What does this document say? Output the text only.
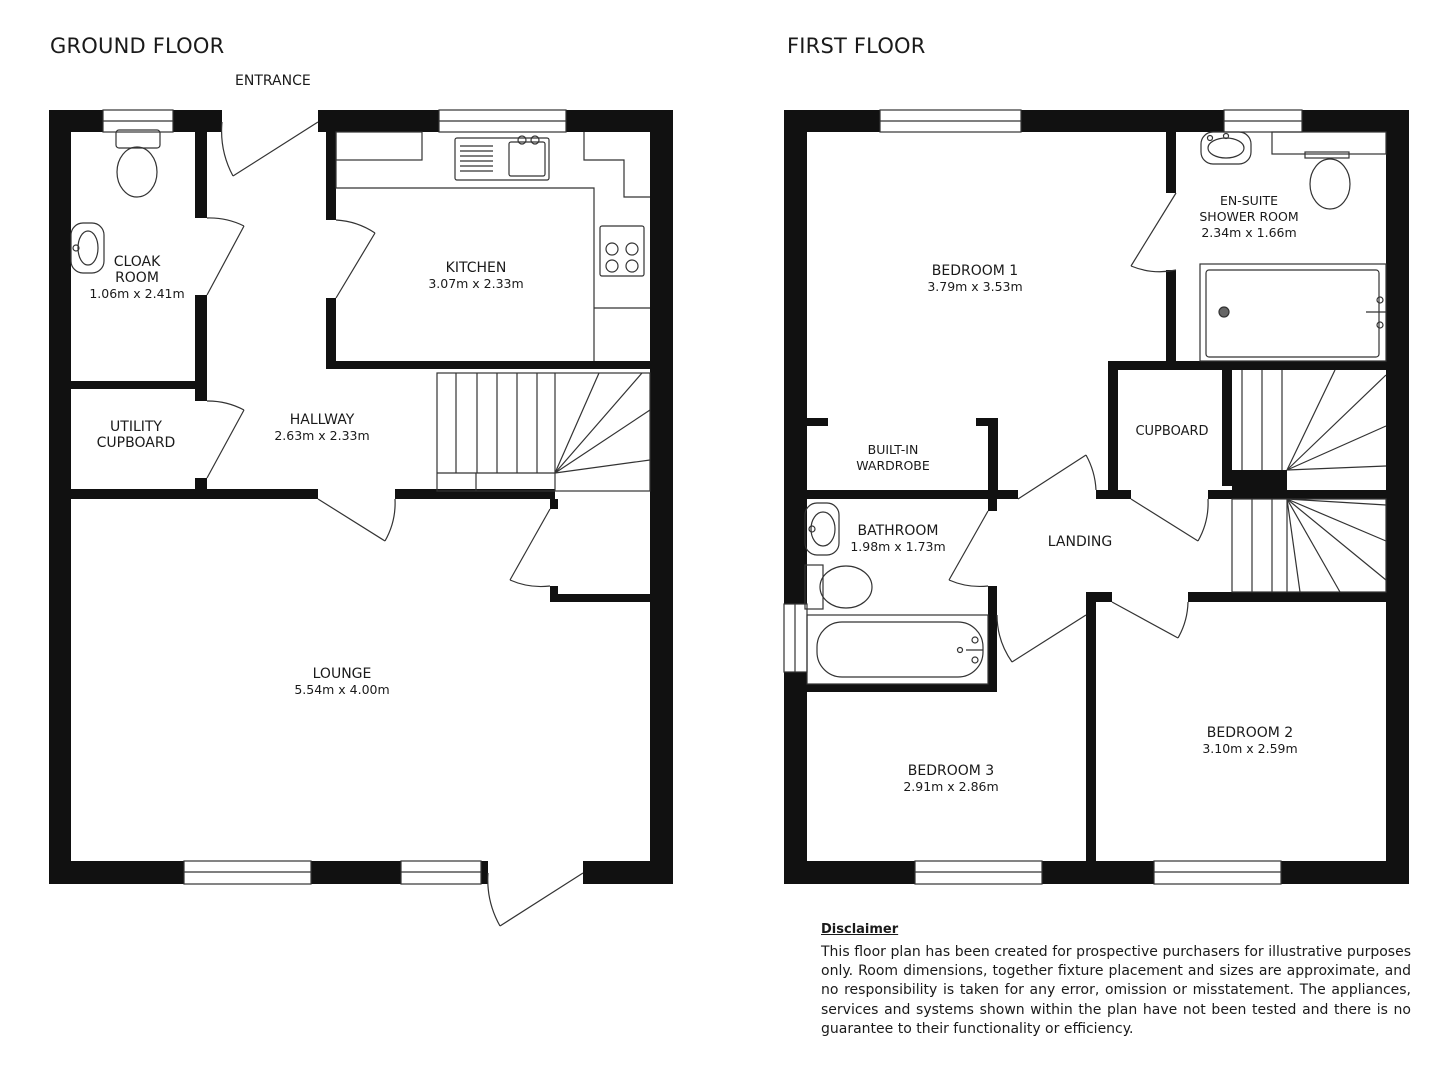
GROUND FLOOR	FIRST FLOOR
ENTRANCE
CLOAK
ROOM
1.06m x 2.41m
KITCHEN
3.07m x 2.33m
UTILITY
CUPBOARD
HALLWAY
2.63m x 2.33m
LOUNGE
5.54m x 4.00m
EN-SUITE
SHOWER ROOM
2.34m x 1.66m
BEDROOM 1
3.79m x 3.53m
CUPBOARD
BUILT-IN
WARDROBE
BATHROOM
1.98m x 1.73m	LANDING
BEDROOM 3
2.91m x 2.86m
BEDROOM 2
3.10m x 2.59m
Disclaimer

This floor plan has been created for prospective purchasers for illustrative purposes only. Room dimensions, together fixture placement and sizes are approximate, and no responsibility is taken for any error, omission or misstatement. The appliances, services and systems shown within the plan have not been tested and there is no guarantee to their functionality or efficiency.
